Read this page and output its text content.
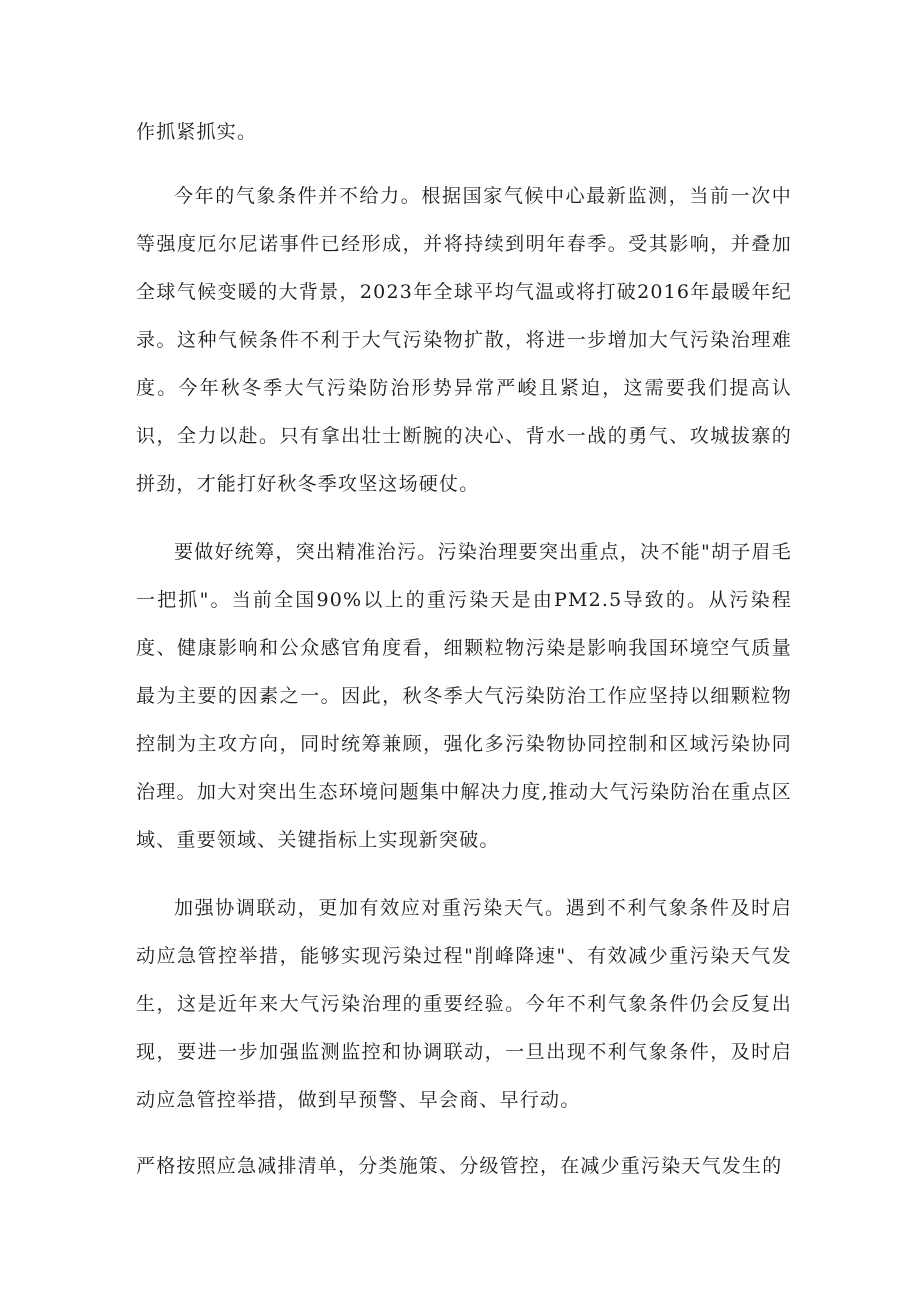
作抓紧抓实。

今年的气象条件并不给力。根据国家气候中心最新监测，当前一次中等强度厄尔尼诺事件已经形成，并将持续到明年春季。受其影响，并叠加全球气候变暖的大背景，2023年全球平均气温或将打破2016年最暖年纪录。这种气候条件不利于大气污染物扩散，将进一步增加大气污染治理难度。今年秋冬季大气污染防治形势异常严峻且紧迫，这需要我们提高认识，全力以赴。只有拿出壮士断腕的决心、背水一战的勇气、攻城拔寨的拼劲，才能打好秋冬季攻坚这场硬仗。

要做好统筹，突出精准治污。污染治理要突出重点，决不能"胡子眉毛一把抓"。当前全国90%以上的重污染天是由PM2.5导致的。从污染程度、健康影响和公众感官角度看，细颗粒物污染是影响我国环境空气质量最为主要的因素之一。因此，秋冬季大气污染防治工作应坚持以细颗粒物控制为主攻方向，同时统筹兼顾，强化多污染物协同控制和区域污染协同治理。加大对突出生态环境问题集中解决力度,推动大气污染防治在重点区域、重要领域、关键指标上实现新突破。

加强协调联动，更加有效应对重污染天气。遇到不利气象条件及时启动应急管控举措，能够实现污染过程"削峰降速"、有效减少重污染天气发生，这是近年来大气污染治理的重要经验。今年不利气象条件仍会反复出现，要进一步加强监测监控和协调联动，一旦出现不利气象条件，及时启动应急管控举措，做到早预警、早会商、早行动。

严格按照应急减排清单，分类施策、分级管控，在减少重污染天气发生的
